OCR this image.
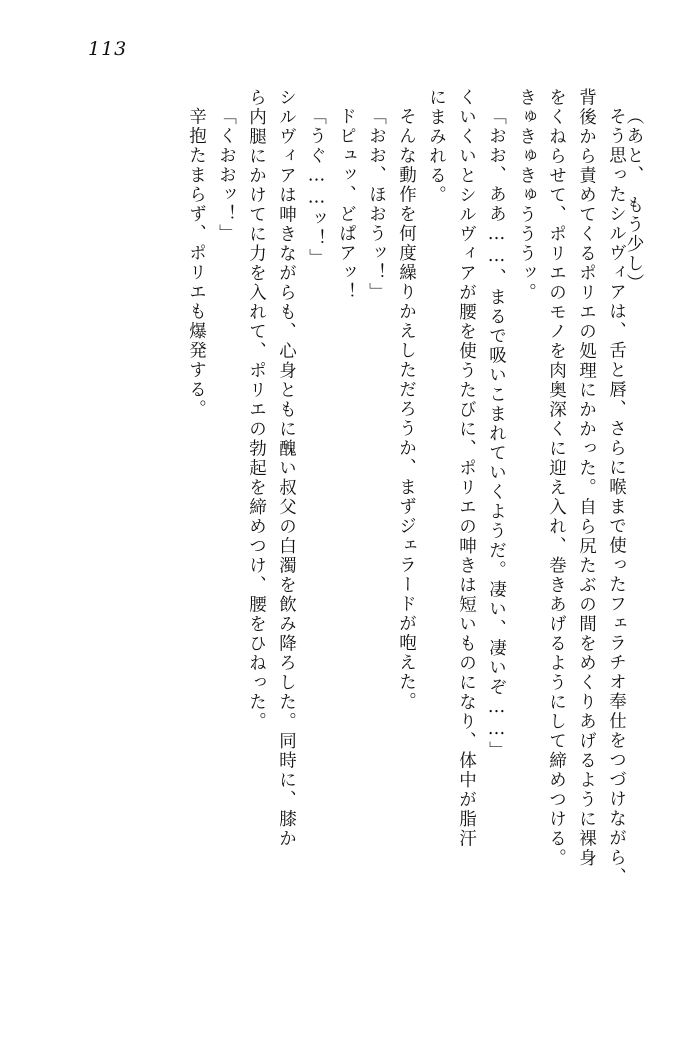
113
（あと、　もう少し）
そう思ったシルヴィアは、舌と唇、さらに喉まで使ったフェラチオ奉仕をつづけながら、
背後から責めてくるポリエの処理にかかった。自ら尻たぶの間をめくりあげるように裸身
をくねらせて、ポリエのモノを肉奥深くに迎え入れ、巻きあげるようにして締めつける。
きゅきゅきゅうううッ。
「おお、ああ……、まるで吸いこまれていくようだ。凄い、凄いぞ……」
くいくいとシルヴィアが腰を使うたびに、ポリエの呻きは短いものになり、体中が脂汗
にまみれる。
そんな動作を何度繰りかえしただろうか、まずジェラードが咆えた。
「おお、ほおうッ！」
ドピュッ、どぱアッ！
「うぐ……ッ！」
シルヴィアは呻きながらも、心身ともに醜い叔父の白濁を飲み降ろした。同時に、膝か
ら内腿にかけてに力を入れて、ポリエの勃起を締めつけ、腰をひねった。
「くおおッ！」
辛抱たまらず、ポリエも爆発する。
